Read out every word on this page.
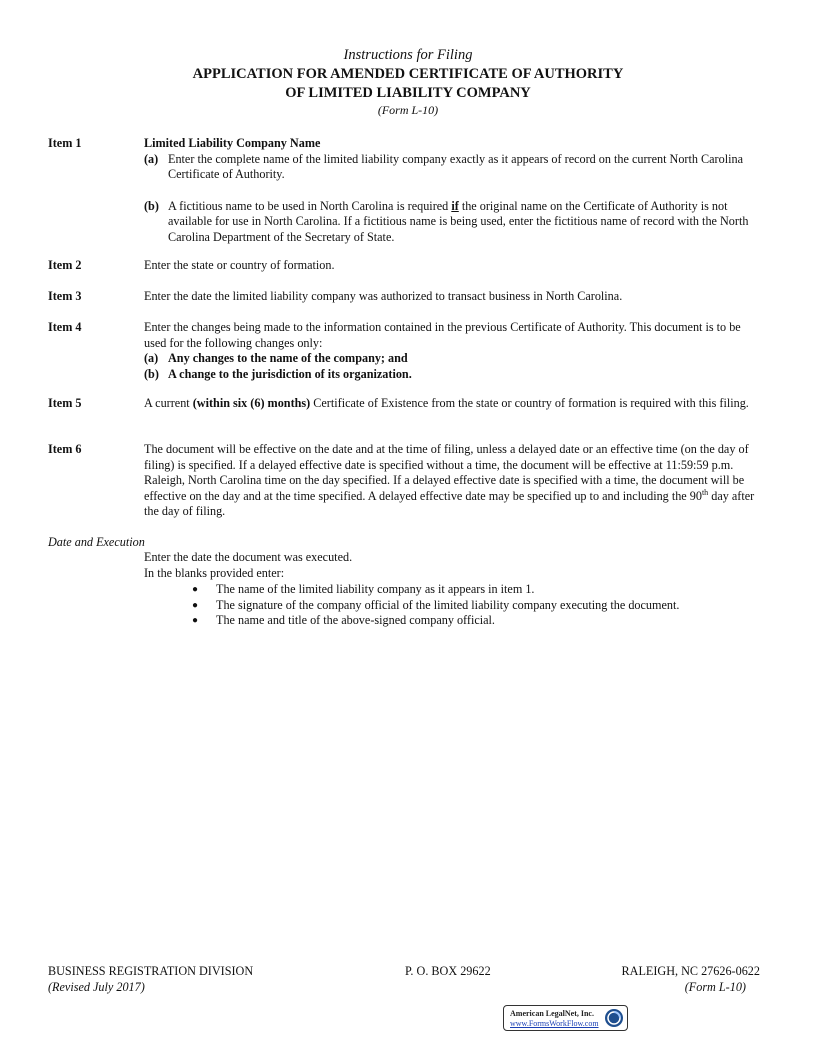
Instructions for Filing
APPLICATION FOR AMENDED CERTIFICATE OF AUTHORITY
OF LIMITED LIABILITY COMPANY
(Form L-10)
Item 1	Limited Liability Company Name
(a) Enter the complete name of the limited liability company exactly as it appears of record on the current North Carolina Certificate of Authority.
(b) A fictitious name to be used in North Carolina is required if the original name on the Certificate of Authority is not available for use in North Carolina. If a fictitious name is being used, enter the fictitious name of record with the North Carolina Department of the Secretary of State.
Item 2	Enter the state or country of formation.
Item 3	Enter the date the limited liability company was authorized to transact business in North Carolina.
Item 4	Enter the changes being made to the information contained in the previous Certificate of Authority. This document is to be used for the following changes only:
(a) Any changes to the name of the company; and
(b) A change to the jurisdiction of its organization.
Item 5	A current (within six (6) months) Certificate of Existence from the state or country of formation is required with this filing.
Item 6	The document will be effective on the date and at the time of filing, unless a delayed date or an effective time (on the day of filing) is specified. If a delayed effective date is specified without a time, the document will be effective at 11:59:59 p.m. Raleigh, North Carolina time on the day specified. If a delayed effective date is specified with a time, the document will be effective on the day and at the time specified. A delayed effective date may be specified up to and including the 90th day after the day of filing.
Date and Execution
Enter the date the document was executed.
In the blanks provided enter:
● The name of the limited liability company as it appears in item 1.
● The signature of the company official of the limited liability company executing the document.
● The name and title of the above-signed company official.
BUSINESS REGISTRATION DIVISION
(Revised July 2017)
P. O. BOX 29622	RALEIGH, NC 27626-0622
(Form L-10)
American LegalNet, Inc.
www.FormsWorkFlow.com
